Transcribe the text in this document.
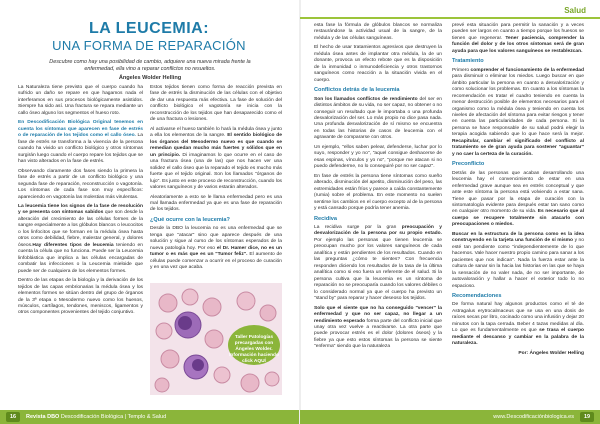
LA LEUCEMIA:
UNA FORMA DE REPARACIÓN
Descubre como hay una posibilidad de cambio, adquiere una nueva mirada frente la enfermedad, ella vino a reparar conflictos no resueltos.
Ángeles Wolder Helling

La Naturaleza tiene previsto que el cuerpo cuando ha sufrido un daño se repare en que hagamos nada el interferamos en sus procesos biológicamente asistidos. Siempre ha sido así. Una fractura se repara mediante un callo óseo alguno los segmentos el hueso roto.

En Descodificación Biológica Original tenemos en cuenta los síntomas que aparecen en fase de estrés o de reparación de los tejidos como el callo óseo. La fase de estrés se transforma a la vivencia de la persona cuando ha vivido un conflicto biológico y otros síntomas surgirán luego cuando el cuerpo repare los tejidos que se han visto alterados en la fase de estrés.

Observando claramente dos fases siendo la primera la fase de estrés a partir de un conflicto biológico y una segunda fase de reparación, reconstrucción o vagotonía. Los síntomas de cada fase son muy específicos: apareciendo en vagotonía las molestias más virulentas.

La leucemia tiene los signos de la fase de resolución y se presenta con síntomas sabidos que son desde la alteración del crecimiento de las células formes de la sangre especialmente a los glóbulos blancos o leucocitos o los linfocitos que se forman en la médula ósea hasta otros como debilidad, fiebre, malestar general, y dolores óseos.Hay diferentes tipos de leucemia teniendo en cuenta la célula que no funciona. Puede ser la Leucemia linfoblástica que implica a las células encargadas de combatir las infecciones o la Leucemia mieloide que puede ser de cualquiera de los elementos formes.

Dentro de las etapas de la biología y la derivación de los tejidos de las capas embrionarias la médula ósea y los elementos formes se sitúan dentro del grupo de órganos de la 3ª etapa o Mesodermo nuevo como los huesos, músculos, cartílagos, tendones, meniscos, ligamentos y otros componentes provenientes del tejido conjuntivo.

Estos tejidos tienen como forma de reacción prevista en fase de estrés la disminución de las células con el objetivo de dar una respuesta más efectiva. La fase de solución del conflicto biológico el vagotonía se inicia con la reconstrucción de los tejidos que han desaparecido como el de una fractura o lesiones.

Al activarse el hueso también lo hará la médula ósea y junto a ella los elementos de la sangre. El sentido biológico de los órganos del Mesodermo nuevo es que cuando se remedian quedan mucho más fuertes y sólidos que en un principio. Di imaginamos lo que ocurre en el caso de una fractura ósea (una de las) que nos hacen ver una solidez el callo óseo que la reparado el tejido es mucho más fuerte que el tejido original. Son los llamados "órganos de lujo". Es justo en este proceso de reconstrucción, cuando los valores sanguíneos y de varios estarán alterados.

Aleatoriamente a esto se le llama enfermedad pero es una mal llamada enfermedad ya que es una fase de reparación de los tejidos.

¿Qué ocurre con la leucemia?

Desde la DBO la leucemia no es una enfermedad que se tenga que "atacar" sino que aparece después de una solución y sigue al curso de los síntomas esperados de la nueva patología hoy. Por eso el Dr. Hamer dice, no es un tumor o es más que es un "Tumor feliz". El aumento de células puede comenzar a ocurrir en el proceso de curación y en una vez que acaba.

Taller Patologías precargadas con Ángeles Wolder. Información haciendo click AQUÍ
16	Revista DBO Descodificación Biológica | Templo & Salud
Salud

esta fase la fórmula de glóbulos blancos se normaliza restaurándose la actividad usual de la sangre, de la médula y de las células sanguíneas.

El hecho de usar tratamientos agresivos que destruyen la médula ósea antes de implantar otra médula, la de un donante, provoca un efecto rebote que es la disposición de la inmunidad o inmunodeficiencia y otros trastornos sanguíneos como reacción a la situación vivida en el cuerpo.

Conflictos detrás de la leucemia

Son los llamados conflictos de rendimiento del ser en distintos ámbitos de su vida, no ser capaz, no obtener o no conseguir un resultado que le importaba o una profunda desvalorización del ser. Lo más propio no dice pasa nada. Una profunda desvalorización de sí mismo se encuentra en todas las historias de casos de leucemia con el agravante de compararse con otros.

Un ejemplo, "ellos saben pelear, defenderse, luchar por lo suyo, responder y yo no", "aquel consigue deshacerse de esas espinas, vínculos y yo no", "porque me atacan si no puedo defenderme, no lo conseguiré por no ser capaz".

En fase de estrés la persona tiene síntomas como sueño alterado, disminución del apetito, disminución del peso, las extremidades están fríos y parece a caída constantemente (rumia) sobre el problema. En este momento no suelen sentirse los cambios en el cuerpo excepto al de la persona y está cansado porque podría tener anemia.

Recidiva

La recidiva surge por la gran preocupación y desvalorización de la persona por su propio estado. Por ejemplo las personas que tienen leucemia se preocupan mucho por los valores sanguíneos de cada analítica y están pendientes de los resultados. Cuando en las preguntas ¿cómo te sientes? Con frecuencia responden diciendo los resultados de la tasa de la última analítica como si eso fuera un referente de el salud. Si la persona cultiva que la leucemia es un síntoma de reparación no se preocuparía cuando los valores débiles o lo considerado normal ya que el cuerpo ha previsto un "stand by" para reparar y hacer deseoso los tejidos.

Solo que el siente que no ha conseguido "vencer" la enfermedad y que no ser capaz, no llegar a un rendimiento esperado forma parte del conflicto inicial que unay otra vez vuelve a reactivarse. La otra parte que puede provocar estrés es el dolor (dolores óseos) y la fiebre ya que esto estos síntomas la persona se siente "enferma" siendo que la naturaleza

prevé esta situación para permitir la sanación y a veces pueden ser largos en cuanto a tiempo porque los huesos se tienen que regenerar. Tener paciencia, comprender la función del dolor y de los otros síntomas será de gran ayuda para que los valores sanguíneos se restablezcan.

Tratamiento

Primero comprender el funcionamiento de la enfermedad para disminuir o eliminar los miedos. Luego buscar en que ámbito particular la persona en cuanto a desvalorización y como solucionar los problemas. En cuanto a los síntomas la recomendación es tratar el cuadro teniendo en cuenta la menor destrucción posible de elementos necesarios para el organismo como la médula ósea y teniendo en cuenta los niveles de afectación del síntoma para evitar riesgos y tener en cuenta las particularidades de cada persona. Si la persona se hace responsable de su salud podrá elegir la terapia acogida sabiendo que lo que hace será la mejor. Recapitular, cambiar el significado del conflicto al tratamiento se de gran ayuda para sostener "aguantar" y no caer la certeza de la curación.

Preconflicto

Detrás de las personas que acaban desarrollando una leucemia hay el convencimiento de estar en una enfermedad grave aunque sea en estrés conceptual y que ante este síntoma la persona está volviendo a estar sana. Tiene que pasar por la etapa de curación con la sintomatología evidente para después estar tan sano como en cualquier otro momento de su vida. Es necesario que al cuerpo se recupere totalmente sin atacarlo con preocupaciones o miedos.

Buscar en la estructura de la persona como es la idea construyendo en la tarjeta una función de sí mismo y no esté tan pendiente como "independientemente de lo que hacemos. Vale hacer nuestro propio camino para sanar a los pacientes que nos indican". Nada la fuerza estar ante la cultura de sanar sin la hacia las historias en las que se haya la sensación de no valer nada, de no ser importante, de autovaloración y hallar a hacer el exterior todo lo no espacioso.

Recomendaciones

De forma natural hay algunos productos como el té de Astragalus erytrocalmaceus que se usa en una dosis de raíces secas por litro, cocinado como una infusión y dejar 20 minutos con la tapa cerrada. Beber 4 tazas medidas al día. Lo que es fundamentalmente es que se trasa el cuerpo mediante el descanso y cambiar en la palabra de la naturaleza.

Por: Ángeles Wolder Helling

www.Descodificaciónbiologica.es	19
